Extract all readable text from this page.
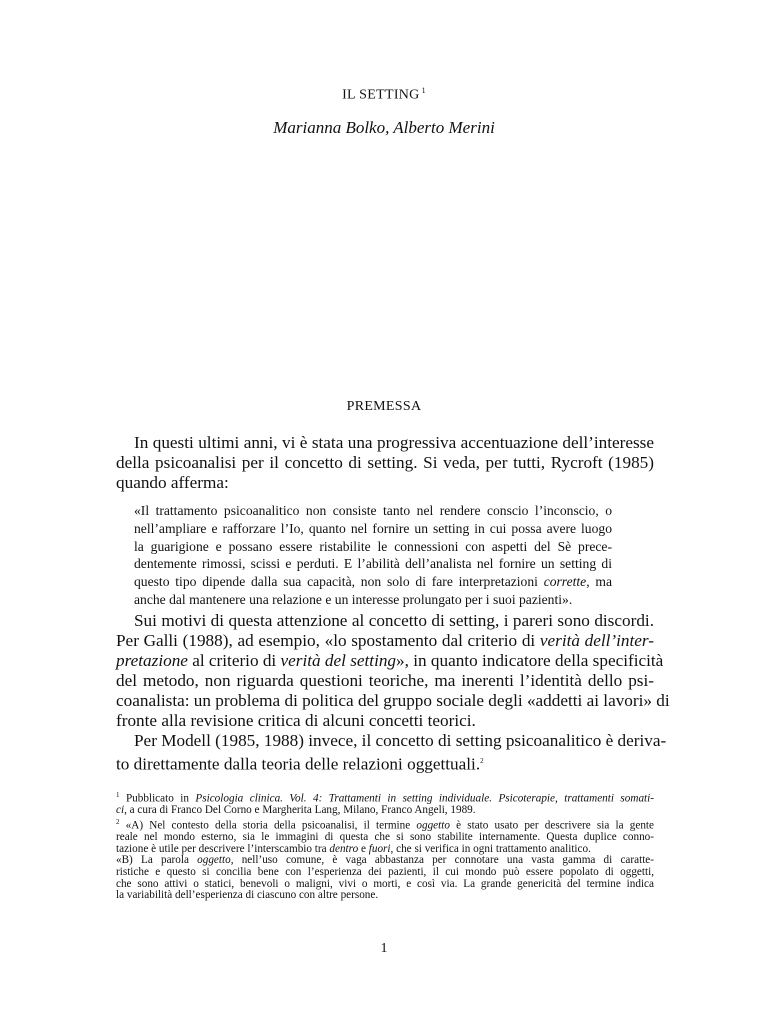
IL SETTING $^1$
Marianna Bolko, Alberto Merini
PREMESSA
In questi ultimi anni, vi è stata una progressiva accentuazione dell’interesse
della psicoanalisi per il concetto di setting. Si veda, per tutti, Rycroft (1985)
quando afferma:
«Il trattamento psicoanalitico non consiste tanto nel rendere conscio l’inconscio, o
nell’ampliare e rafforzare l’Io, quanto nel fornire un setting in cui possa avere luogo
la guarigione e possano essere ristabilite le connessioni con aspetti del Sè prece-
dentemente rimossi, scissi e perduti. E l’abilità dell’analista nel fornire un setting di
questo tipo dipende dalla sua capacità, non solo di fare interpretazioni corrette, ma
anche dal mantenere una relazione e un interesse prolungato per i suoi pazienti».
Sui motivi di questa attenzione al concetto di setting, i pareri sono discordi.
Per Galli (1988), ad esempio, «lo spostamento dal criterio di verità dell’inter-
pretazione al criterio di verità del setting», in quanto indicatore della specificità
del metodo, non riguarda questioni teoriche, ma inerenti l’identità dello psi-
coanalista: un problema di politica del gruppo sociale degli «addetti ai lavori» di
fronte alla revisione critica di alcuni concetti teorici.
Per Modell (1985, 1988) invece, il concetto di setting psicoanalitico è deriva-
to direttamente dalla teoria delle relazioni oggettuali.$^2$
$^1$ Pubblicato in Psicologia clinica. Vol. 4: Trattamenti in setting individuale. Psicoterapie, trattamenti somati-
ci, a cura di Franco Del Corno e Margherita Lang, Milano, Franco Angeli, 1989.
$^2$ «A) Nel contesto della storia della psicoanalisi, il termine oggetto è stato usato per descrivere sia la gente
reale nel mondo esterno, sia le immagini di questa che si sono stabilite internamente. Questa duplice conno-
tazione è utile per descrivere l’interscambio tra dentro e fuori, che si verifica in ogni trattamento analitico.
«B) La parola oggetto, nell’uso comune, è vaga abbastanza per connotare una vasta gamma di caratte-
ristiche e questo si concilia bene con l’esperienza dei pazienti, il cui mondo può essere popolato di oggetti,
che sono attivi o statici, benevoli o maligni, vivi o morti, e così via. La grande genericità del termine indica
la variabilità dell’esperienza di ciascuno con altre persone.
1
